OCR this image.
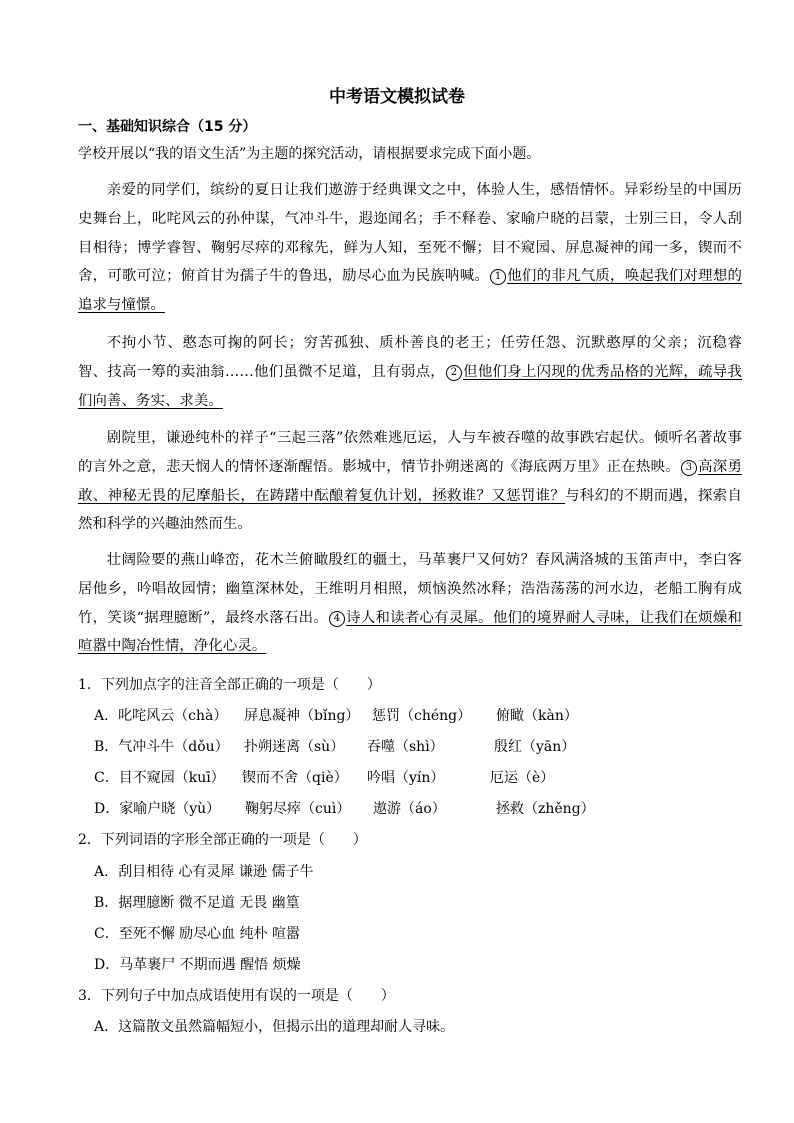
中考语文模拟试卷
一、基础知识综合（15 分）
学校开展以“我的语文生活”为主题的探究活动，请根据要求完成下面小题。
亲爱的同学们，缤纷的夏日让我们遨游于经典课文之中，体验人生，感悟情怀。异彩纷呈的中国历史舞台上，叱咤风云的孙仲谋，气冲斗牛，遐迩闻名；手不释卷、家喻户晓的吕蒙，士别三日，令人刮目相待；博学睿智、鞠躬尽瘁的邓稼先，鲜为人知，至死不懈；目不窥园、屏息凝神的闻一多，锲而不舍，可歌可泣；俯首甘为孺子牛的鲁迅，励尽心血为民族呐喊。 1 他们的非凡气质，唤起我们对理想的追求与憧憬。
不拘小节、憨态可掬的阿长；穷苦孤独、质朴善良的老王；任劳任怨、沉默憨厚的父亲；沉稳睿智、技高一筹的卖油翁……他们虽微不足道，且有弱点， 2 但他们身上闪现的优秀品格的光辉，疏导我们向善、务实、求美。
剧院里，谦逊纯朴的祥子“三起三落”依然难逃厄运，人与车被吞噬的故事跌宕起伏。倾听名著故事的言外之意，悲天悯人的情怀逐渐醒悟。影城中，情节扑朔迷离的《海底两万里》正在热映。 3 高深勇敢、神秘无畏的尼摩船长，在踌躇中酝酿着复仇计划，拯救谁？又惩罚谁？与科幻的不期而遇，探索自然和科学的兴趣油然而生。
壮阔险要的燕山峰峦，花木兰俯瞰殷红的疆土，马革裹尸又何妨？春风满洛城的玉笛声中，李白客居他乡，吟唱故园情；幽篁深林处，王维明月相照，烦恼涣然冰释；浩浩荡荡的河水边，老船工胸有成竹，笑谈“据理臆断”，最终水落石出。 4 诗人和读者心有灵犀。他们的境界耐人寻味，让我们在烦燥和喧嚣中陶冶性情，净化心灵。
1．下列加点字的注音全部正确的一项是（　　）
A．叱咤风云（chà） 屏息凝神（bǐng） 惩罚（chéng） 俯瞰（kàn）
B．气冲斗牛（dǒu） 扑朔迷离（sù） 吞噬（shì）	殷红（yān）
C．目不窥园（kuī） 锲而不舍（qiè） 吟唱（yín）	厄运（è）
D．家喻户晓（yù） 鞠躬尽瘁（cuì） 遨游（áo）	拯救（zhěng）
2．下列词语的字形全部正确的一项是（　　）
A．刮目相待 心有灵犀 谦逊 儒子牛
B．据理臆断 微不足道 无畏 幽篁
C．至死不懈 励尽心血 纯朴 喧嚣
D．马革裹尸 不期而遇 醒悟 烦燥
3．下列句子中加点成语使用有误的一项是（　　）
A．这篇散文虽然篇幅短小，但揭示出的道理却耐人寻味。
